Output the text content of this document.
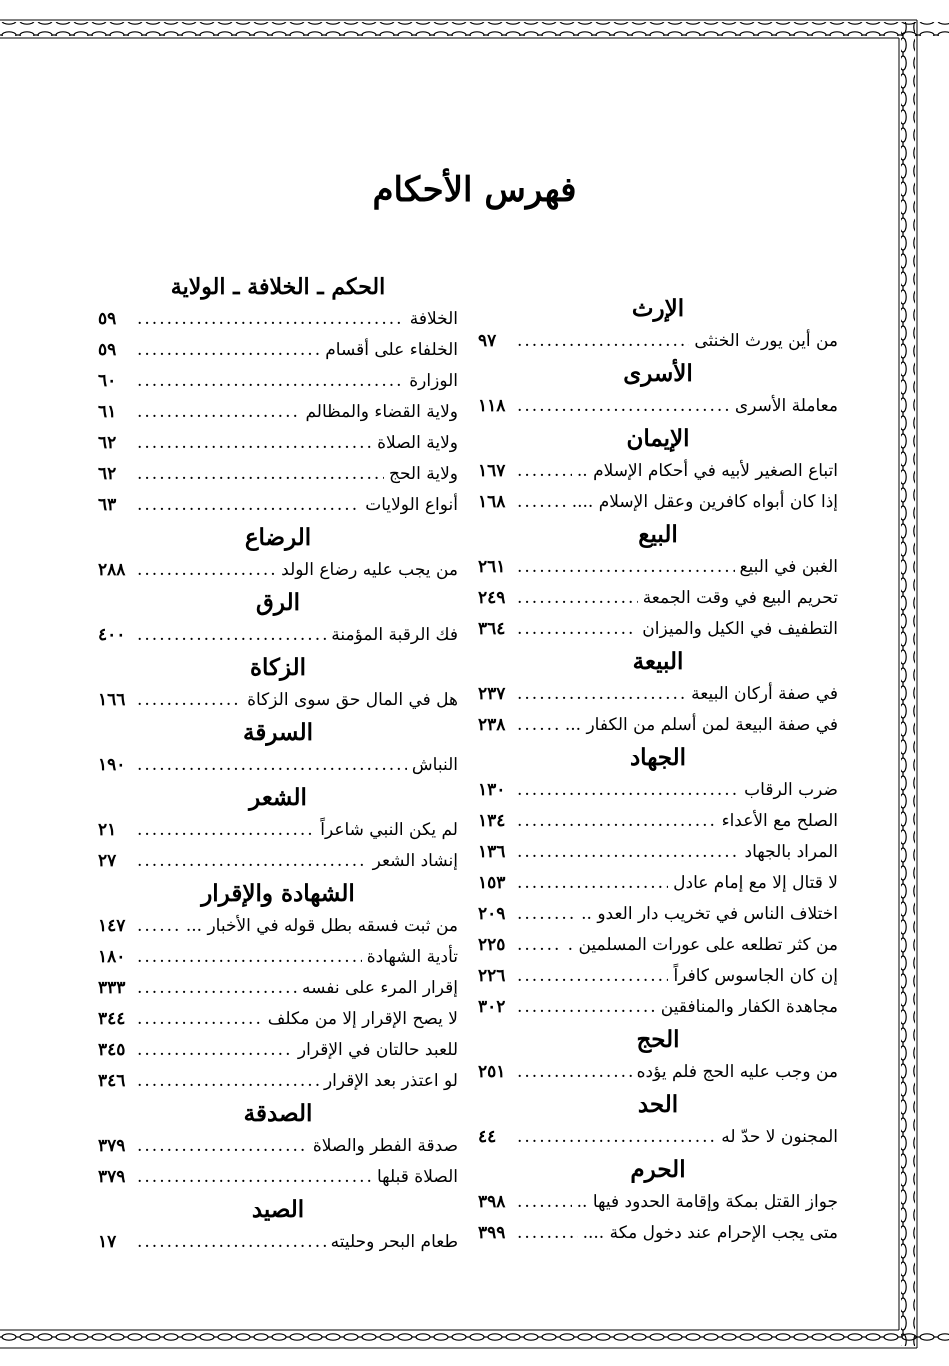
فهرس الأحكام
الإرث
من أين يورث الخنثى
.....
٩٧
الأسرى
معاملة الأسرى
.....
١١٨
الإيمان
اتباع الصغير لأبيه في أحكام الإسلام ..
.....
١٦٧
إذا كان أبواه كافرين وعقل الإسلام ....
.....
١٦٨
البيع
الغبن في البيع
.....
٢٦١
تحريم البيع في وقت الجمعة
.....
٢٤٩
التطفيف في الكيل والميزان
.....
٣٦٤
البيعة
في صفة أركان البيعة
.....
٢٣٧
في صفة البيعة لمن أسلم من الكفار ...
.....
٢٣٨
الجهاد
ضرب الرقاب
.....
١٣٠
الصلح مع الأعداء
.....
١٣٤
المراد بالجهاد
.....
١٣٦
لا قتال إلا مع إمام عادل
.....
١٥٣
اختلاف الناس في تخريب دار العدو ..
.....
٢٠٩
من كثر تطلعه على عورات المسلمين .
.....
٢٢٥
إن كان الجاسوس كافراً
.....
٢٢٦
مجاهدة الكفار والمنافقين
.....
٣٠٢
الحج
من وجب عليه الحج فلم يؤده
.....
٢٥١
الحد
المجنون لا حدّ له
.....
٤٤
الحرم
جواز القتل بمكة وإقامة الحدود فيها ..
.....
٣٩٨
متى يجب الإحرام عند دخول مكة ....
.....
٣٩٩
الحكم ـ الخلافة ـ الولاية
الخلافة
.....
٥٩
الخلفاء على أقسام
.....
٥٩
الوزارة
.....
٦٠
ولاية القضاء والمظالم
.....
٦١
ولاية الصلاة
.....
٦٢
ولاية الحج
.....
٦٢
أنواع الولايات
.....
٦٣
الرضاع
من يجب عليه رضاع الولد
.....
٢٨٨
الرق
فك الرقبة المؤمنة
.....
٤٠٠
الزكاة
هل في المال حق سوى الزكاة
.....
١٦٦
السرقة
النباش
.....
١٩٠
الشعر
لم يكن النبي شاعراً
.....
٢١
إنشاد الشعر
.....
٢٧
الشهادة والإقرار
من ثبت فسقه بطل قوله في الأخبار ...
.....
١٤٧
تأدية الشهادة
.....
١٨٠
إقرار المرء على نفسه
.....
٣٣٣
لا يصح الإقرار إلا من مكلف
.....
٣٤٤
للعبد حالتان في الإقرار
.....
٣٤٥
لو اعتذر بعد الإقرار
.....
٣٤٦
الصدقة
صدقة الفطر والصلاة
.....
٣٧٩
الصلاة قبلها
.....
٣٧٩
الصيد
طعام البحر وحليته
.....
١٧
